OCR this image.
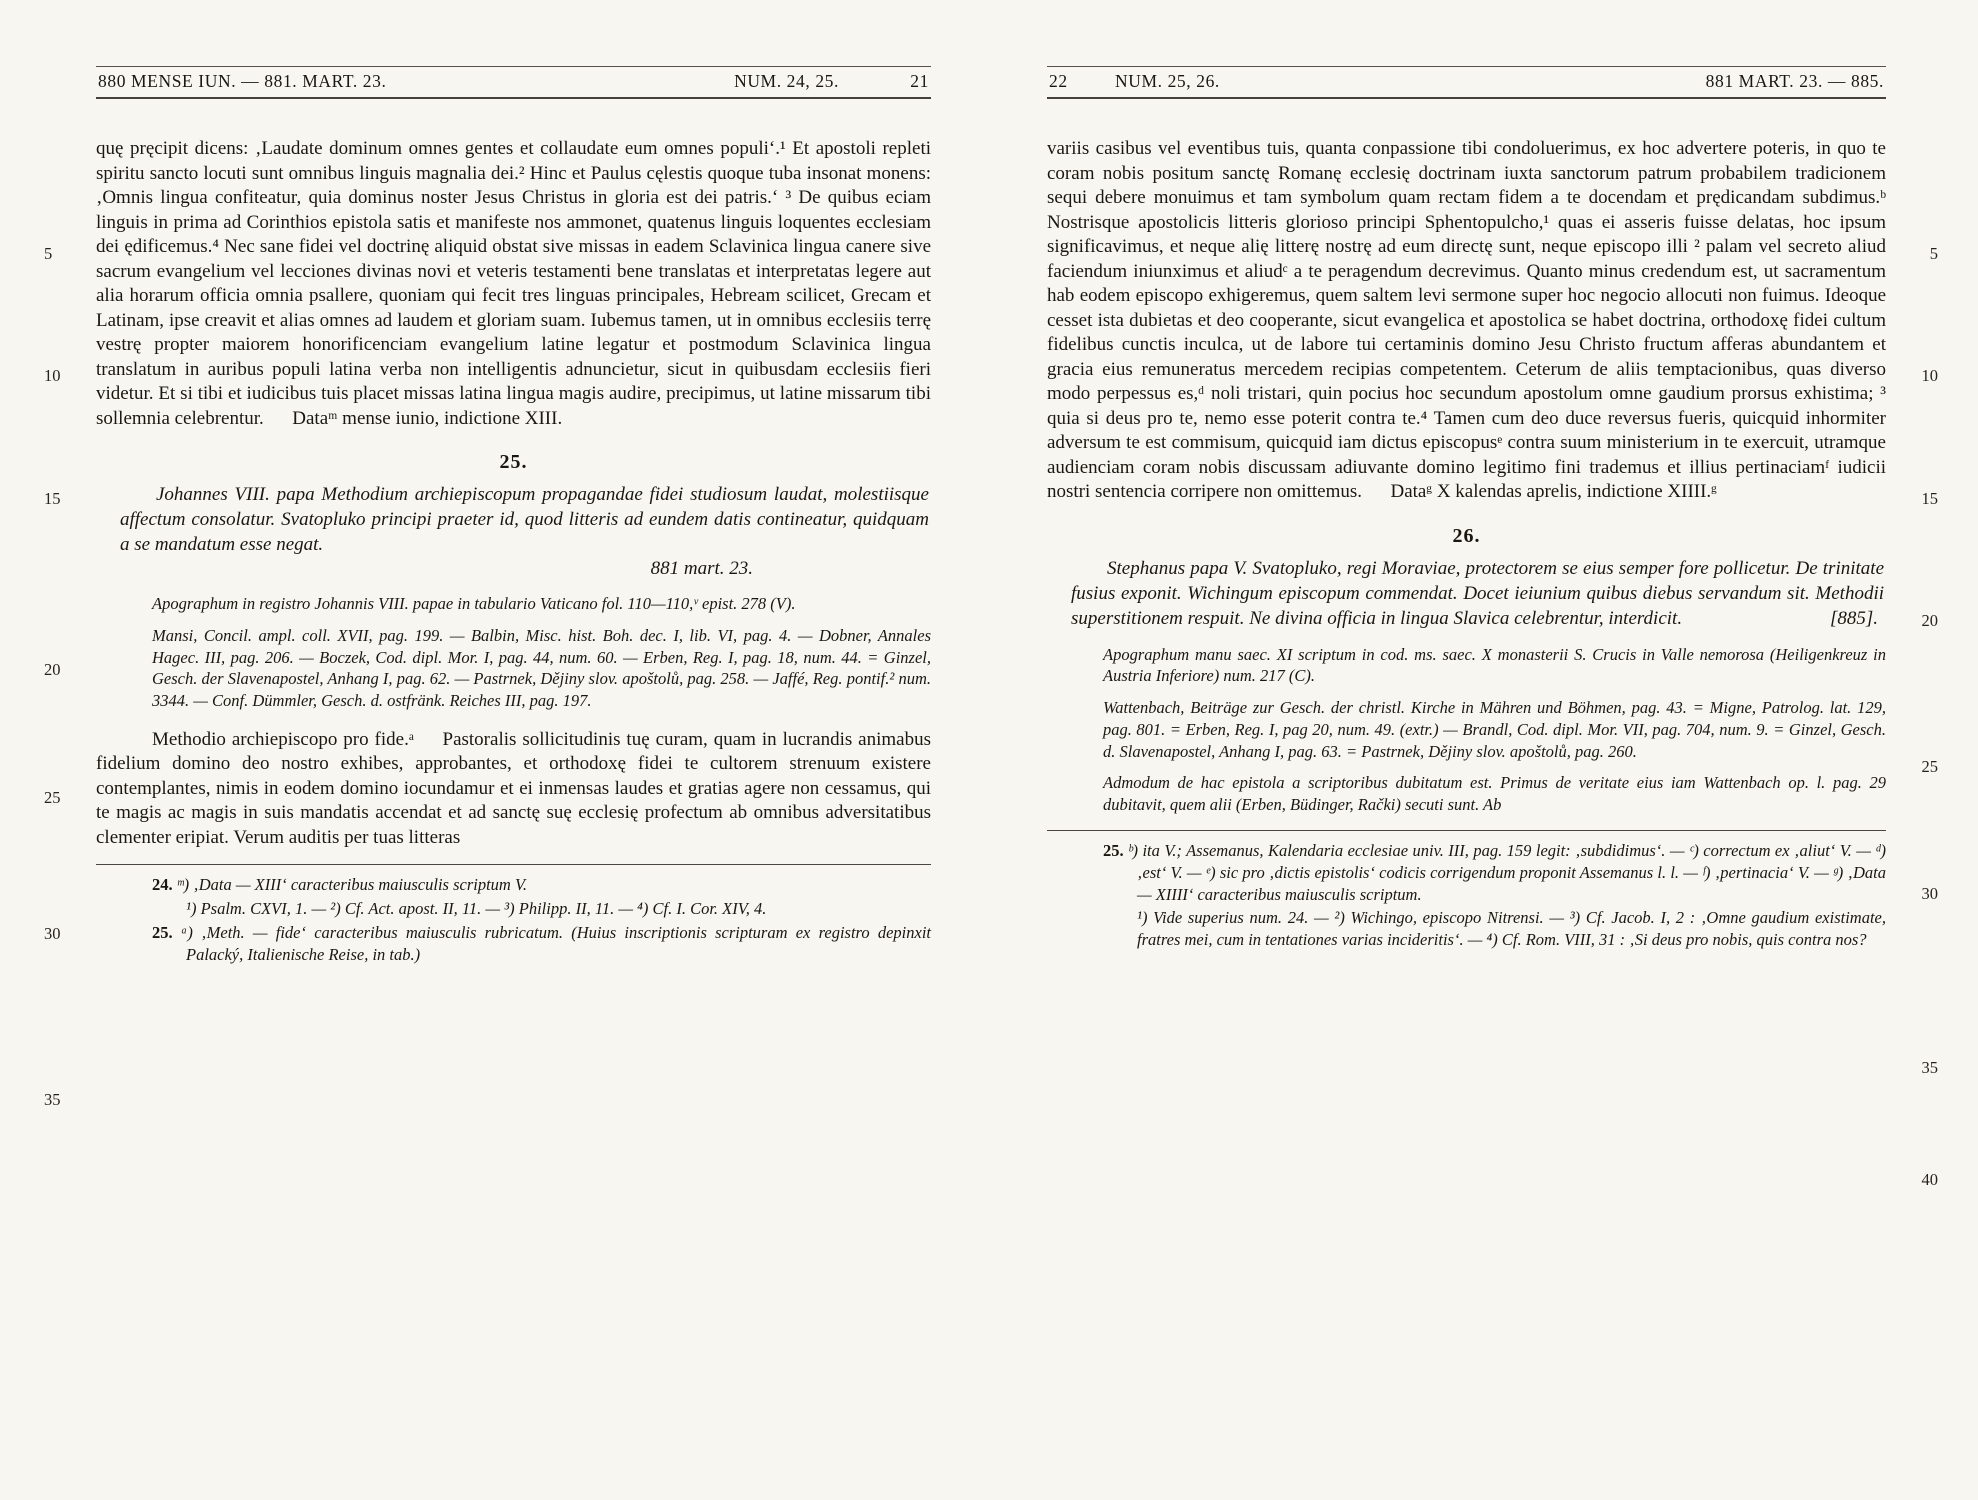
5
10
15
20
25
30
35
880 MENSE IUN. — 881. MART. 23.	NUM. 24, 25.	21

quę pręcipit dicens: ‚Laudate dominum omnes gentes et collaudate eum omnes populi‘.¹ Et apostoli repleti spiritu sancto locuti sunt omnibus linguis magnalia dei.² Hinc et Paulus cęlestis quoque tuba insonat monens: ‚Omnis lingua confiteatur, quia dominus noster Jesus Christus in gloria est dei patris.‘ ³ De quibus eciam linguis in prima ad Corinthios epistola satis et manifeste nos ammonet, quatenus linguis loquentes ecclesiam dei ędificemus.⁴ Nec sane fidei vel doctrinę aliquid obstat sive missas in eadem Sclavinica lingua canere sive sacrum evangelium vel lecciones divinas novi et veteris testamenti bene translatas et interpretatas legere aut alia horarum officia omnia psallere, quoniam qui fecit tres linguas principales, Hebream scilicet, Grecam et Latinam, ipse creavit et alias omnes ad laudem et gloriam suam. Iubemus tamen, ut in omnibus ecclesiis terrę vestrę propter maiorem honorificenciam evangelium latine legatur et postmodum Sclavinica lingua translatum in auribus populi latina verba non intelligentis adnuncietur, sicut in quibusdam ecclesiis fieri videtur. Et si tibi et iudicibus tuis placet missas latina lingua magis audire, precipimus, ut latine missarum tibi sollemnia celebrentur.  Dataᵐ mense iunio, indictione XIII.

25.

Johannes VIII. papa Methodium archiepiscopum propagandae fidei studiosum laudat, molestiisque affectum consolatur. Svatopluko principi praeter id, quod litteris ad eundem datis contineatur, quidquam a se mandatum esse negat.

881 mart. 23.

Apographum in registro Johannis VIII. papae in tabulario Vaticano fol. 110—110,ᵛ epist. 278 (V).

Mansi, Concil. ampl. coll. XVII, pag. 199. — Balbin, Misc. hist. Boh. dec. I, lib. VI, pag. 4. — Dobner, Annales Hagec. III, pag. 206. — Boczek, Cod. dipl. Mor. I, pag. 44, num. 60. — Erben, Reg. I, pag. 18, num. 44. = Ginzel, Gesch. der Slavenapostel, Anhang I, pag. 62. — Pastrnek, Dějiny slov. apoštolů, pag. 258. — Jaffé, Reg. pontif.² num. 3344. — Conf. Dümmler, Gesch. d. ostfränk. Reiches III, pag. 197.

Methodio archiepiscopo pro fide.ᵃ  Pastoralis sollicitudinis tuę curam, quam in lucrandis animabus fidelium domino deo nostro exhibes, approbantes, et orthodoxę fidei te cultorem strenuum existere contemplantes, nimis in eodem domino iocundamur et ei inmensas laudes et gratias agere non cessamus, qui te magis ac magis in suis mandatis accendat et ad sanctę suę ecclesię profectum ab omnibus adversitatibus clementer eripiat. Verum auditis per tuas litteras

24. ᵐ) ‚Data — XIII‘ caracteribus maiusculis scriptum V.

¹) Psalm. CXVI, 1. — ²) Cf. Act. apost. II, 11. — ³) Philipp. II, 11. — ⁴) Cf. I. Cor. XIV, 4.

25. ᵃ) ‚Meth. — fide‘ caracteribus maiusculis rubricatum. (Huius inscriptionis scripturam ex registro depinxit Palacký, Italienische Reise, in tab.)

5
10
15
20
25
30
35
40
22	NUM. 25, 26.	881 MART. 23. — 885.

variis casibus vel eventibus tuis, quanta conpassione tibi condoluerimus, ex hoc advertere poteris, in quo te coram nobis positum sanctę Romanę ecclesię doctrinam iuxta sanctorum patrum probabilem tradicionem sequi debere monuimus et tam symbolum quam rectam fidem a te docendam et prędicandam subdimus.ᵇ Nostrisque apostolicis litteris glorioso principi Sphentopulcho,¹ quas ei asseris fuisse delatas, hoc ipsum significavimus, et neque alię litterę nostrę ad eum directę sunt, neque episcopo illi ² palam vel secreto aliud faciendum iniunximus et aliudᶜ a te peragendum decrevimus. Quanto minus credendum est, ut sacramentum hab eodem episcopo exhigeremus, quem saltem levi sermone super hoc negocio allocuti non fuimus. Ideoque cesset ista dubietas et deo cooperante, sicut evangelica et apostolica se habet doctrina, orthodoxę fidei cultum fidelibus cunctis inculca, ut de labore tui certaminis domino Jesu Christo fructum afferas abundantem et gracia eius remuneratus mercedem recipias competentem. Ceterum de aliis temptacionibus, quas diverso modo perpessus es,ᵈ noli tristari, quin pocius hoc secundum apostolum omne gaudium prorsus exhistima; ³ quia si deus pro te, nemo esse poterit contra te.⁴ Tamen cum deo duce reversus fueris, quicquid inhormiter adversum te est commisum, quicquid iam dictus episcopusᵉ contra suum ministerium in te exercuit, utramque audienciam coram nobis discussam adiuvante domino legitimo fini trademus et illius pertinaciamᶠ iudicii nostri sentencia corripere non omittemus.  Dataᵍ X kalendas aprelis, indictione XIIII.ᵍ

26.

Stephanus papa V. Svatopluko, regi Moraviae, protectorem se eius semper fore pollicetur. De trinitate fusius exponit. Wichingum episcopum commendat. Docet ieiunium quibus diebus servandum sit. Methodii superstitionem respuit. Ne divina officia in lingua Slavica celebrentur, interdicit.	[885].

Apographum manu saec. XI scriptum in cod. ms. saec. X monasterii S. Crucis in Valle nemorosa (Heiligenkreuz in Austria Inferiore) num. 217 (C).

Wattenbach, Beiträge zur Gesch. der christl. Kirche in Mähren und Böhmen, pag. 43. = Migne, Patrolog. lat. 129, pag. 801. = Erben, Reg. I, pag 20, num. 49. (extr.) — Brandl, Cod. dipl. Mor. VII, pag. 704, num. 9. = Ginzel, Gesch. d. Slavenapostel, Anhang I, pag. 63. = Pastrnek, Dějiny slov. apoštolů, pag. 260.

Admodum de hac epistola a scriptoribus dubitatum est. Primus de veritate eius iam Wattenbach op. l. pag. 29 dubitavit, quem alii (Erben, Büdinger, Rački) secuti sunt. Ab

25. ᵇ) ita V.; Assemanus, Kalendaria ecclesiae univ. III, pag. 159 legit: ‚subdidimus‘. — ᶜ) correctum ex ‚aliut‘ V. — ᵈ) ‚est‘ V. — ᵉ) sic pro ‚dictis epistolis‘ codicis corrigendum proponit Assemanus l. l. — ᶠ) ‚pertinacia‘ V. — ᵍ) ‚Data — XIIII‘ caracteribus maiusculis scriptum.

¹) Vide superius num. 24. — ²) Wichingo, episcopo Nitrensi. — ³) Cf. Jacob. I, 2 : ‚Omne gaudium existimate, fratres mei, cum in tentationes varias incideritis‘. — ⁴) Cf. Rom. VIII, 31 : ‚Si deus pro nobis, quis contra nos?
